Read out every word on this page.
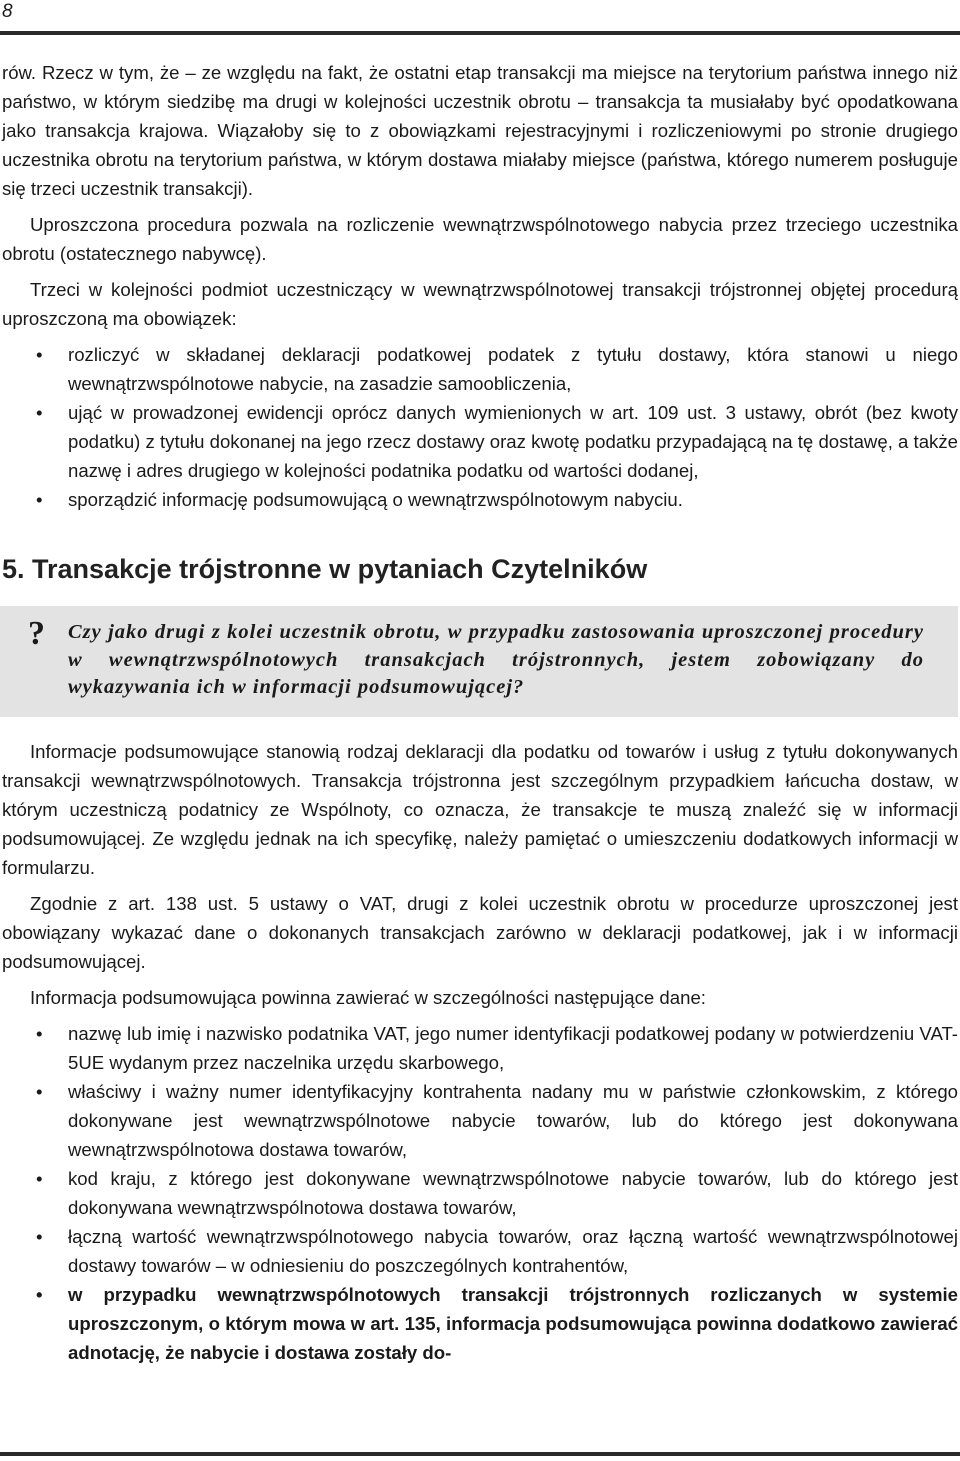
8

rów. Rzecz w tym, że – ze względu na fakt, że ostatni etap transakcji ma miejsce na terytorium państwa innego niż państwo, w którym siedzibę ma drugi w kolejności uczestnik obrotu – transakcja ta musiałaby być opodatkowana jako transakcja krajowa. Wiązałoby się to z obowiązkami rejestracyjnymi i rozliczeniowymi po stronie drugiego uczestnika obrotu na terytorium państwa, w którym dostawa miałaby miejsce (państwa, którego numerem posługuje się trzeci uczestnik transakcji).

Uproszczona procedura pozwala na rozliczenie wewnątrzwspólnotowego nabycia przez trzeciego uczestnika obrotu (ostatecznego nabywcę).

Trzeci w kolejności podmiot uczestniczący w wewnątrzwspólnotowej transakcji trójstronnej objętej procedurą uproszczoną ma obowiązek:

• rozliczyć w składanej deklaracji podatkowej podatek z tytułu dostawy, która stanowi u niego wewnątrzwspólnotowe nabycie, na zasadzie samoobliczenia,
• ująć w prowadzonej ewidencji oprócz danych wymienionych w art. 109 ust. 3 ustawy, obrót (bez kwoty podatku) z tytułu dokonanej na jego rzecz dostawy oraz kwotę podatku przypadającą na tę dostawę, a także nazwę i adres drugiego w kolejności podatnika podatku od wartości dodanej,
• sporządzić informację podsumowującą o wewnątrzwspólnotowym nabyciu.
5. Transakcje trójstronne w pytaniach Czytelników
? Czy jako drugi z kolei uczestnik obrotu, w przypadku zastosowania uproszczonej procedury w wewnątrzwspólnotowych transakcjach trójstronnych, jestem zobowiązany do wykazywania ich w informacji podsumowującej?

Informacje podsumowujące stanowią rodzaj deklaracji dla podatku od towarów i usług z tytułu dokonywanych transakcji wewnątrzwspólnotowych. Transakcja trójstronna jest szczególnym przypadkiem łańcucha dostaw, w którym uczestniczą podatnicy ze Wspólnoty, co oznacza, że transakcje te muszą znaleźć się w informacji podsumowującej. Ze względu jednak na ich specyfikę, należy pamiętać o umieszczeniu dodatkowych informacji w formularzu.

Zgodnie z art. 138 ust. 5 ustawy o VAT, drugi z kolei uczestnik obrotu w procedurze uproszczonej jest obowiązany wykazać dane o dokonanych transakcjach zarówno w deklaracji podatkowej, jak i w informacji podsumowującej.

Informacja podsumowująca powinna zawierać w szczególności następujące dane:

• nazwę lub imię i nazwisko podatnika VAT, jego numer identyfikacji podatkowej podany w potwierdzeniu VAT-5UE wydanym przez naczelnika urzędu skarbowego,
• właściwy i ważny numer identyfikacyjny kontrahenta nadany mu w państwie członkowskim, z którego dokonywane jest wewnątrzwspólnotowe nabycie towarów, lub do którego jest dokonywana wewnątrzwspólnotowa dostawa towarów,
• kod kraju, z którego jest dokonywane wewnątrzwspólnotowe nabycie towarów, lub do którego jest dokonywana wewnątrzwspólnotowa dostawa towarów,
• łączną wartość wewnątrzwspólnotowego nabycia towarów, oraz łączną wartość wewnątrzwspólnotowej dostawy towarów – w odniesieniu do poszczególnych kontrahentów,
• w przypadku wewnątrzwspólnotowych transakcji trójstronnych rozliczanych w systemie uproszczonym, o którym mowa w art. 135, informacja podsumowująca powinna dodatkowo zawierać adnotację, że nabycie i dostawa zostały do-
